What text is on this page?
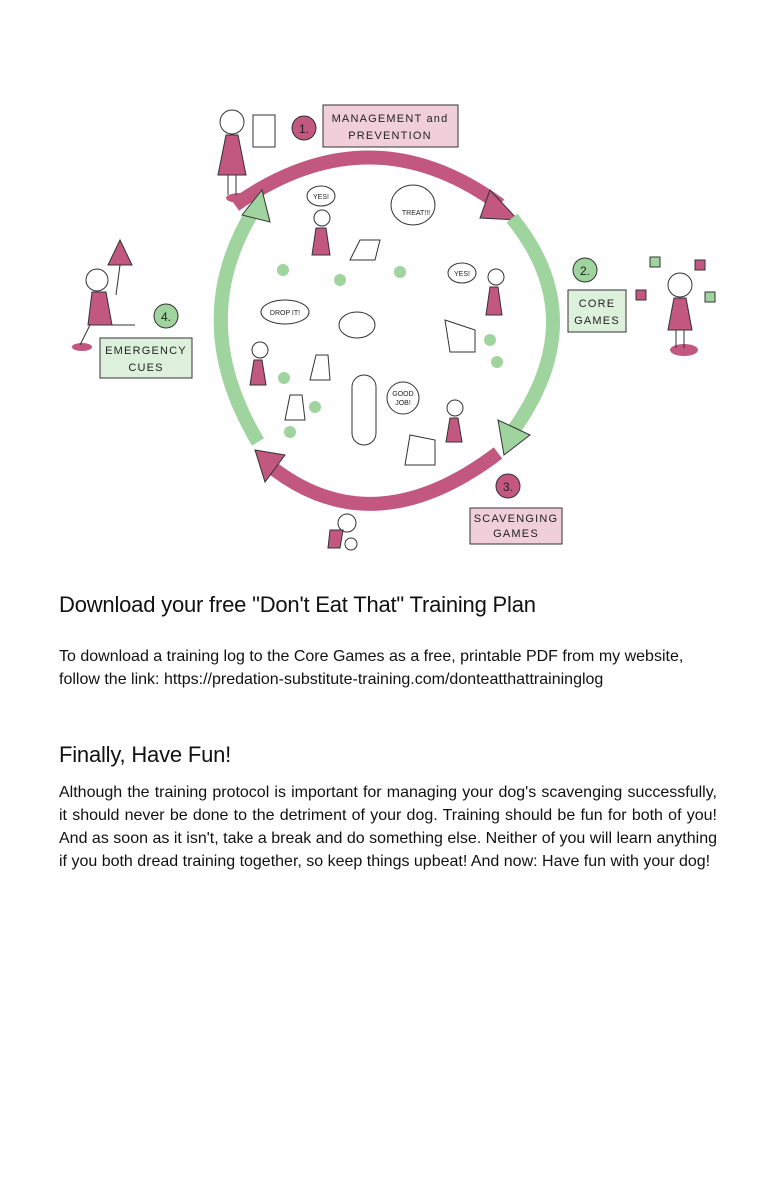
1.
MANAGEMENT and
PREVENTION
2.
CORE
GAMES
3.
SCAVENGING
GAMES
4.
EMERGENCY
CUES
YES!
TREAT!!!
YES!
DROP IT!
GOOD
JOB!
Download your free "Don't Eat That" Training Plan

To download a training log to the Core Games as a free, printable PDF from my website, follow the link: https://predation-substitute-training.com/donteatthattraininglog

Finally, Have Fun!

Although the training protocol is important for managing your dog's scavenging successfully, it should never be done to the detriment of your dog. Training should be fun for both of you! And as soon as it isn't, take a break and do something else. Neither of you will learn anything if you both dread training together, so keep things upbeat! And now: Have fun with your dog!
